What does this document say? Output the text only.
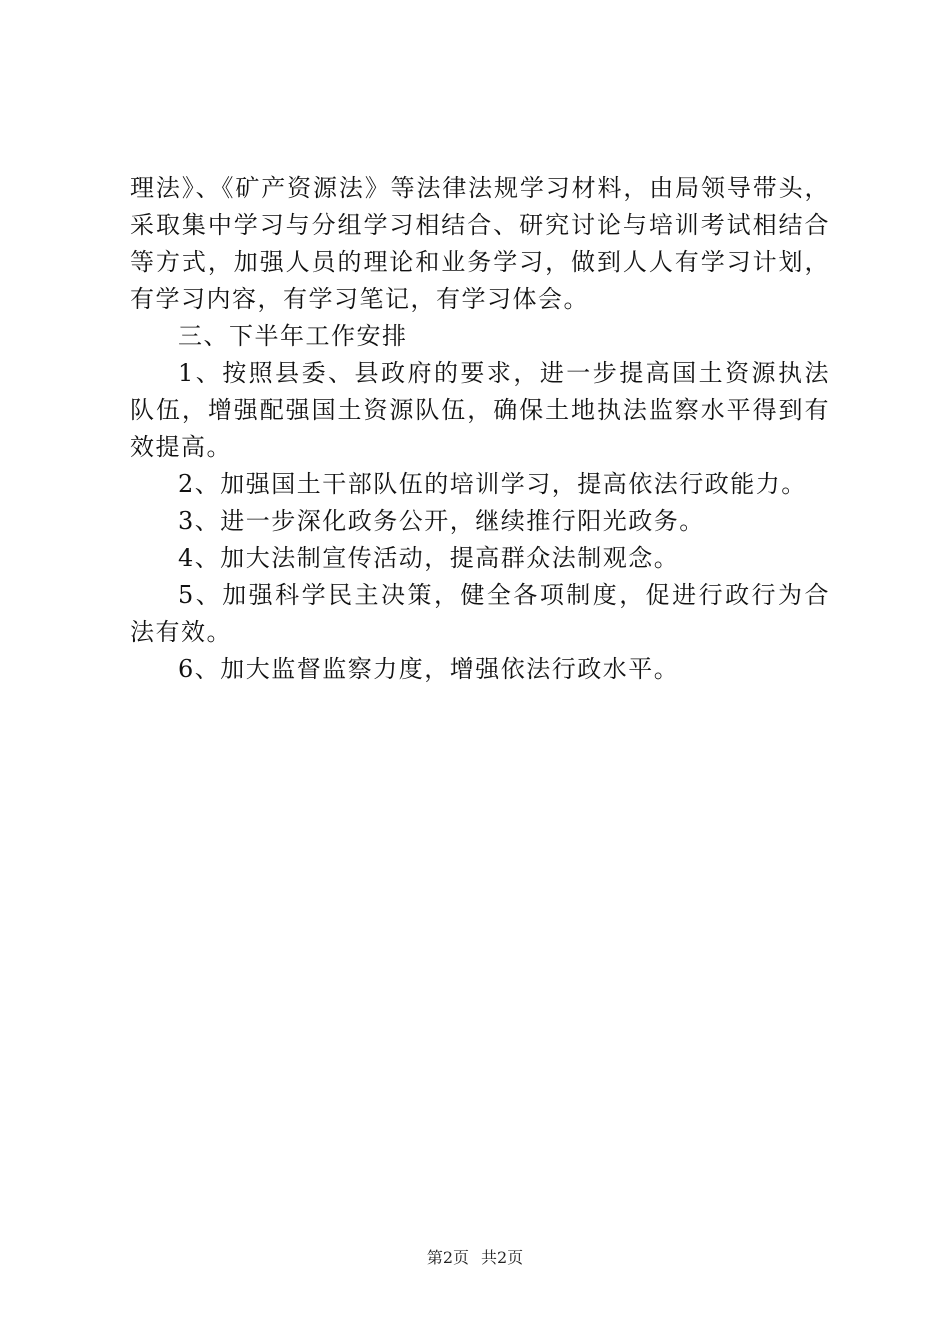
理法》、《矿产资源法》等法律法规学习材料，由局领导带头，采取集中学习与分组学习相结合、研究讨论与培训考试相结合等方式，加强人员的理论和业务学习，做到人人有学习计划，有学习内容，有学习笔记，有学习体会。

三、下半年工作安排

1、按照县委、县政府的要求，进一步提高国土资源执法队伍，增强配强国土资源队伍，确保土地执法监察水平得到有效提高。

2、加强国土干部队伍的培训学习，提高依法行政能力。

3、进一步深化政务公开，继续推行阳光政务。

4、加大法制宣传活动，提高群众法制观念。

5、加强科学民主决策，健全各项制度，促进行政行为合法有效。

6、加大监督监察力度，增强依法行政水平。

第2页 共2页
